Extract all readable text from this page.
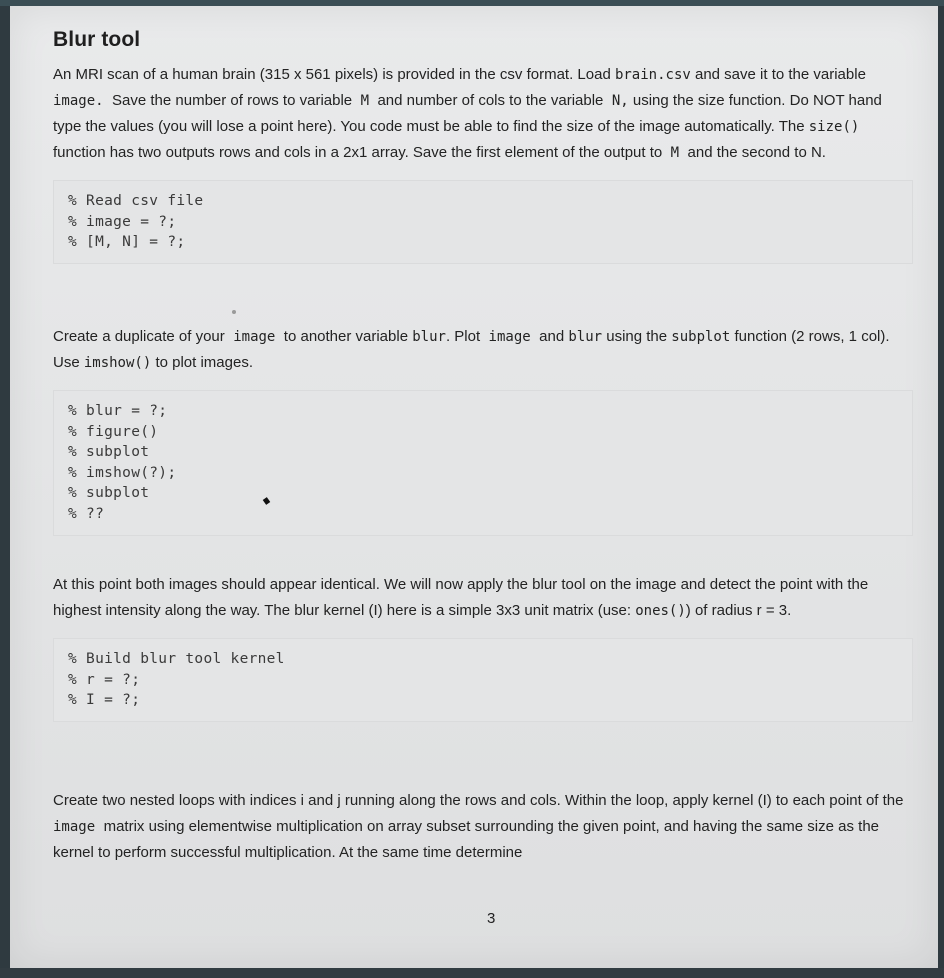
Blur tool

An MRI scan of a human brain (315 x 561 pixels) is provided in the csv format. Load brain.csv and save it to the variable image. Save the number of rows to variable M and number of cols to the variable N, using the size function. Do NOT hand type the values (you will lose a point here). You code must be able to find the size of the image automatically. The size() function has two outputs rows and cols in a 2x1 array. Save the first element of the output to M and the second to N.

% Read csv file
% image = ?;
% [M, N] = ?;

Create a duplicate of your image to another variable blur. Plot image and blur using the subplot function (2 rows, 1 col). Use imshow() to plot images.

% blur = ?;
% figure()
% subplot
% imshow(?);
% subplot
% ??

At this point both images should appear identical. We will now apply the blur tool on the image and detect the point with the highest intensity along the way. The blur kernel (I) here is a simple 3x3 unit matrix (use: ones()) of radius r = 3.

% Build blur tool kernel
% r = ?;
% I = ?;

Create two nested loops with indices i and j running along the rows and cols. Within the loop, apply kernel (I) to each point of the image matrix using elementwise multiplication on array subset surrounding the given point, and having the same size as the kernel to perform successful multiplication. At the same time determine

3
